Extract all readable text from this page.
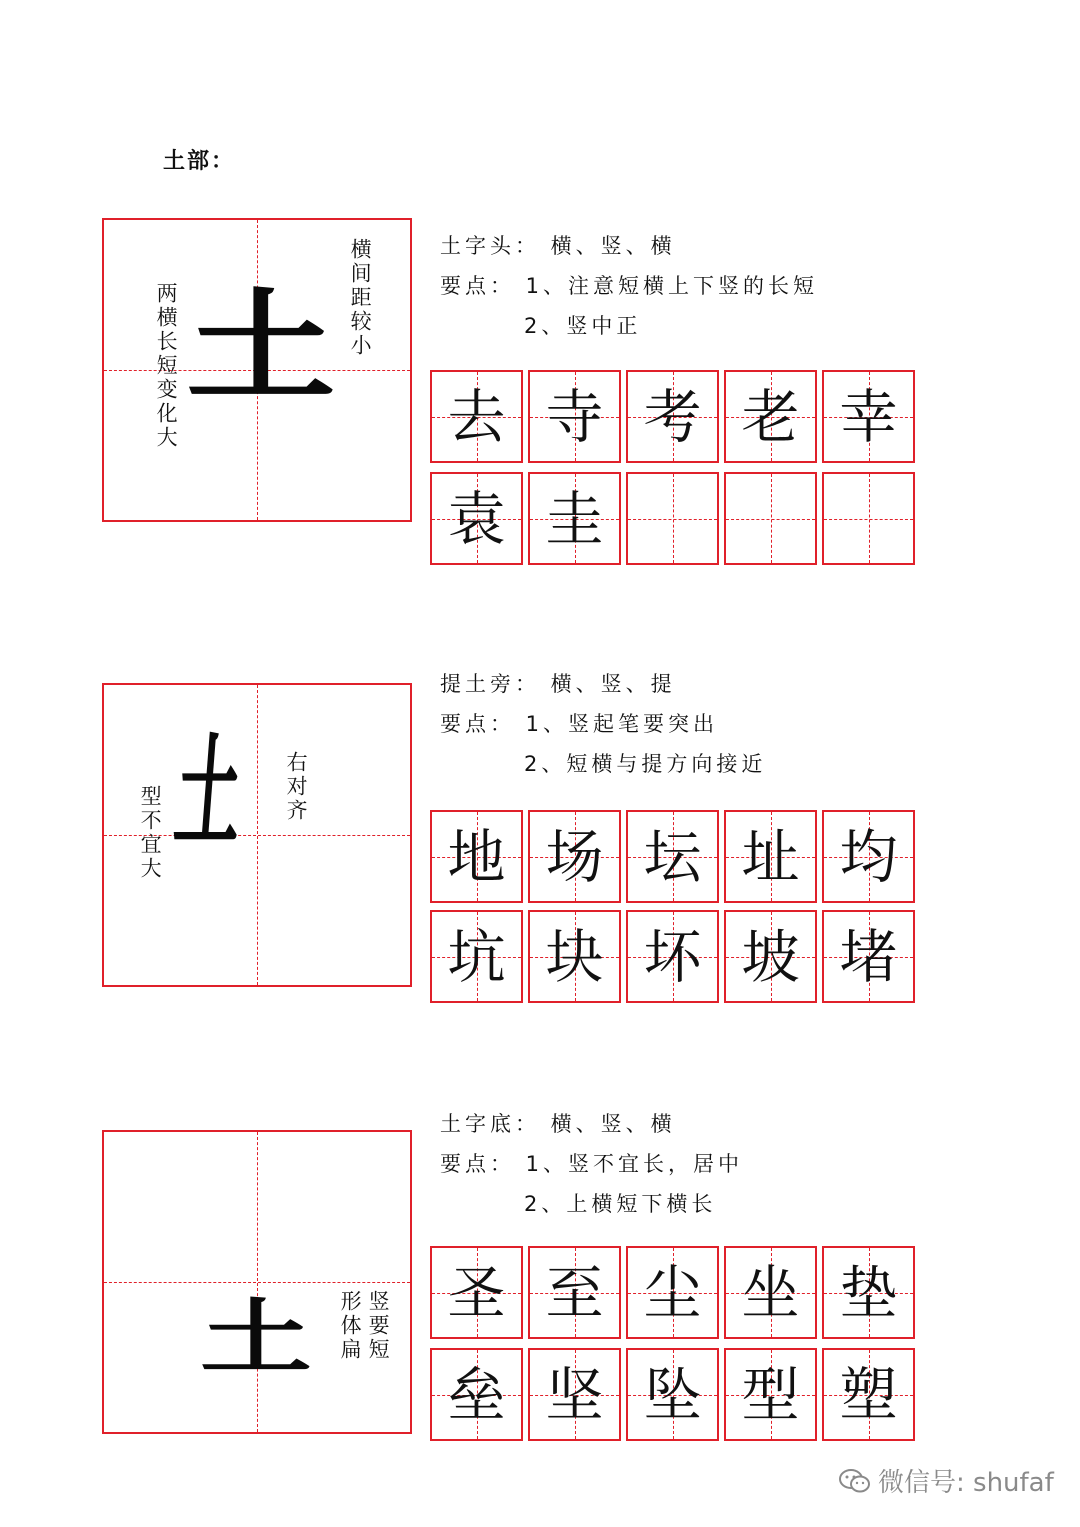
土部：
土 横间距较小
两横长短变化大
土字头： 横、竖、横
要点： 1、注意短横上下竖的长短
2、竖中正
去 寺 考 老 幸
袁 圭
土 右对齐
型不宜大
提土旁： 横、竖、提
要点： 1、竖起笔要突出
2、短横与提方向接近
地 场 坛 址 均
坑 块 坏 坡 堵
土	竖要短
形体扁
土字底： 横、竖、横
要点： 1、竖不宜长，居中
2、上横短下横长
圣 至 尘 坐 垫
垒 坚 坠 型 塑
微信号: shufaf
